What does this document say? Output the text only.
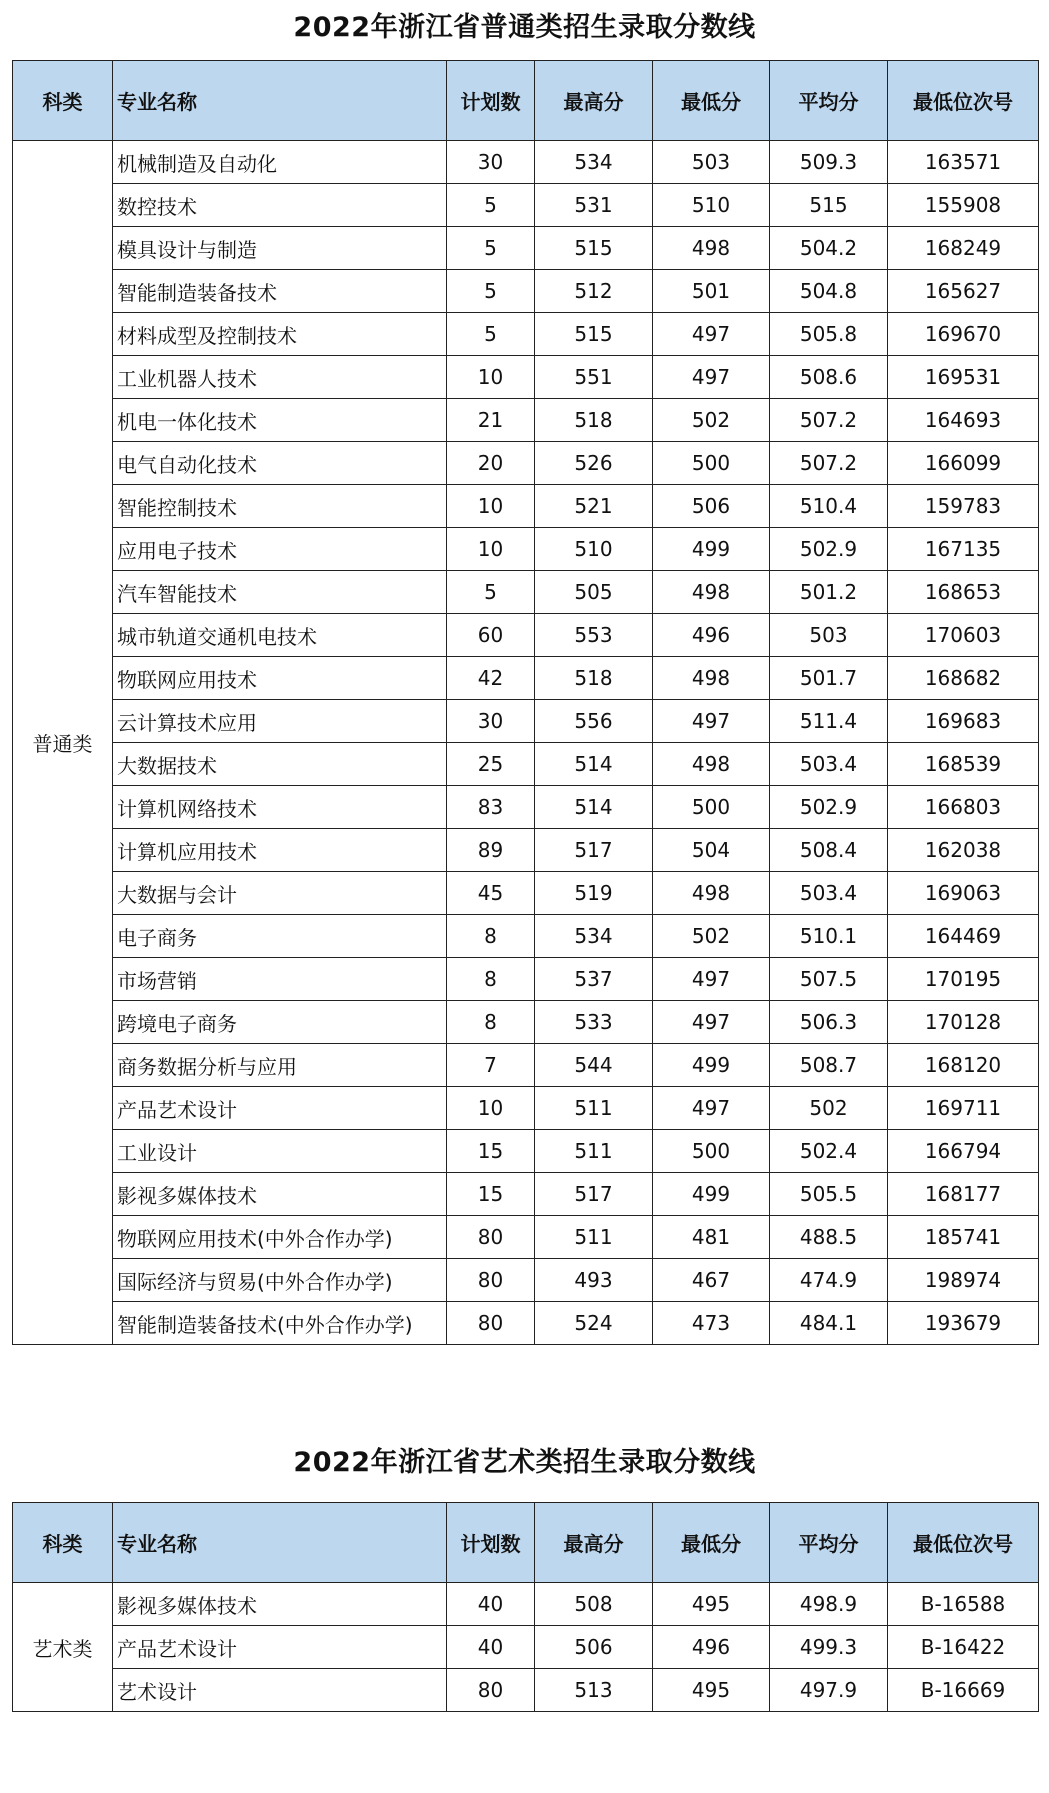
2022年浙江省普通类招生录取分数线
科类	专业名称	计划数	最高分	最低分	平均分	最低位次号
普通类	机械制造及自动化	30	534	503	509.3	163571
	数控技术	5	531	510	515	155908
	模具设计与制造	5	515	498	504.2	168249
	智能制造装备技术	5	512	501	504.8	165627
	材料成型及控制技术	5	515	497	505.8	169670
	工业机器人技术	10	551	497	508.6	169531
	机电一体化技术	21	518	502	507.2	164693
	电气自动化技术	20	526	500	507.2	166099
	智能控制技术	10	521	506	510.4	159783
	应用电子技术	10	510	499	502.9	167135
	汽车智能技术	5	505	498	501.2	168653
	城市轨道交通机电技术	60	553	496	503	170603
	物联网应用技术	42	518	498	501.7	168682
	云计算技术应用	30	556	497	511.4	169683
	大数据技术	25	514	498	503.4	168539
	计算机网络技术	83	514	500	502.9	166803
	计算机应用技术	89	517	504	508.4	162038
	大数据与会计	45	519	498	503.4	169063
	电子商务	8	534	502	510.1	164469
	市场营销	8	537	497	507.5	170195
	跨境电子商务	8	533	497	506.3	170128
	商务数据分析与应用	7	544	499	508.7	168120
	产品艺术设计	10	511	497	502	169711
	工业设计	15	511	500	502.4	166794
	影视多媒体技术	15	517	499	505.5	168177
	物联网应用技术(中外合作办学)	80	511	481	488.5	185741
	国际经济与贸易(中外合作办学)	80	493	467	474.9	198974
	智能制造装备技术(中外合作办学)	80	524	473	484.1	193679
2022年浙江省艺术类招生录取分数线
科类	专业名称	计划数	最高分	最低分	平均分	最低位次号
艺术类	影视多媒体技术	40	508	495	498.9	B-16588
	产品艺术设计	40	506	496	499.3	B-16422
	艺术设计	80	513	495	497.9	B-16669
